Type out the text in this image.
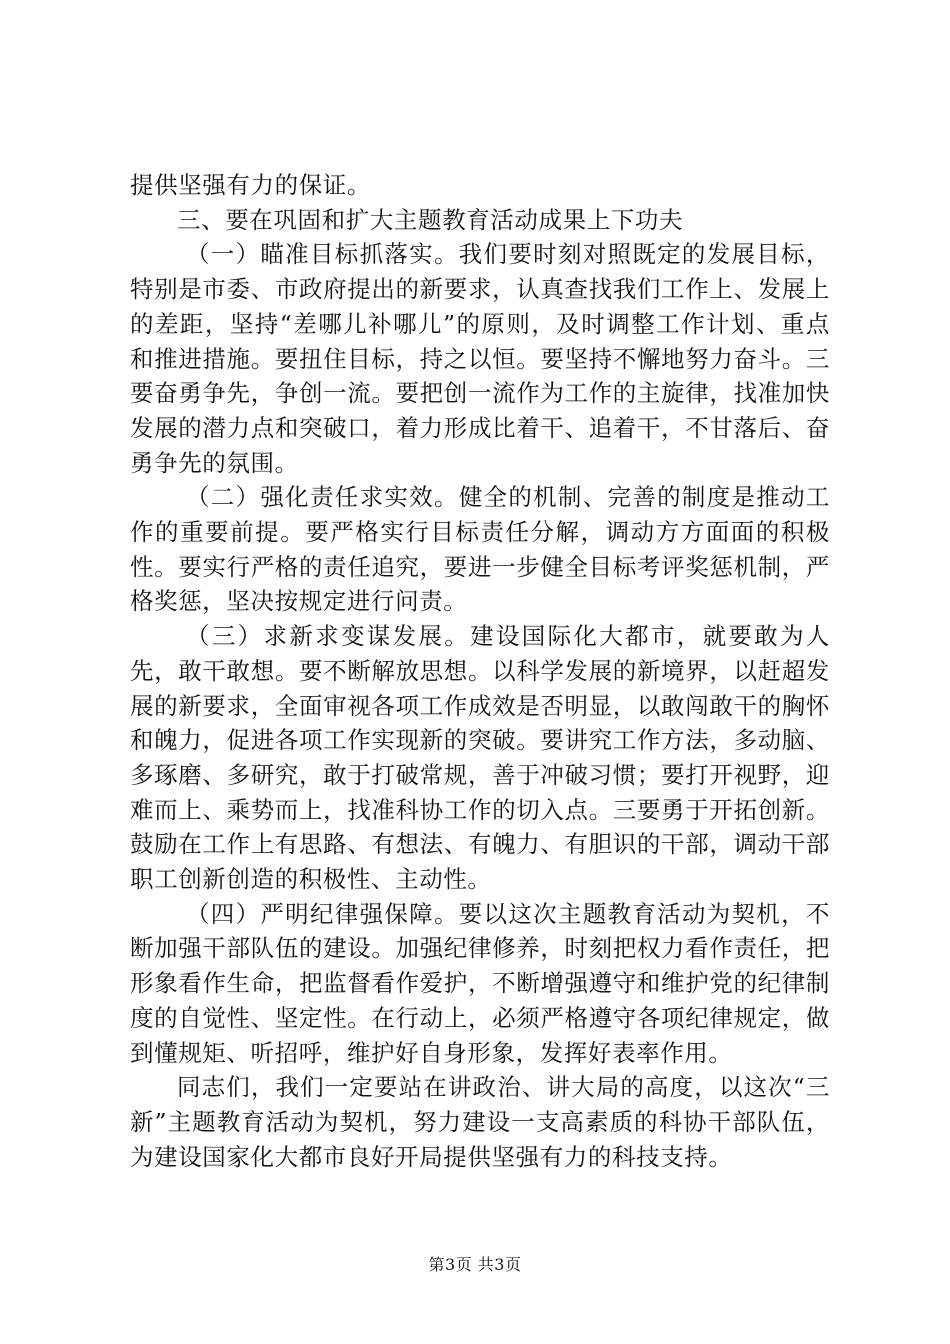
提供坚强有力的保证。

三、要在巩固和扩大主题教育活动成果上下功夫

（一）瞄准目标抓落实。我们要时刻对照既定的发展目标，特别是市委、市政府提出的新要求，认真查找我们工作上、发展上的差距，坚持“差哪儿补哪儿”的原则，及时调整工作计划、重点和推进措施。要扭住目标，持之以恒。要坚持不懈地努力奋斗。三要奋勇争先，争创一流。要把创一流作为工作的主旋律，找准加快发展的潜力点和突破口，着力形成比着干、追着干，不甘落后、奋勇争先的氛围。

（二）强化责任求实效。健全的机制、完善的制度是推动工作的重要前提。要严格实行目标责任分解，调动方方面面的积极性。要实行严格的责任追究，要进一步健全目标考评奖惩机制，严格奖惩，坚决按规定进行问责。

（三）求新求变谋发展。建设国际化大都市，就要敢为人先，敢干敢想。要不断解放思想。以科学发展的新境界，以赶超发展的新要求，全面审视各项工作成效是否明显，以敢闯敢干的胸怀和魄力，促进各项工作实现新的突破。要讲究工作方法，多动脑、多琢磨、多研究，敢于打破常规，善于冲破习惯；要打开视野，迎难而上、乘势而上，找准科协工作的切入点。三要勇于开拓创新。鼓励在工作上有思路、有想法、有魄力、有胆识的干部，调动干部职工创新创造的积极性、主动性。

（四）严明纪律强保障。要以这次主题教育活动为契机，不断加强干部队伍的建设。加强纪律修养，时刻把权力看作责任，把形象看作生命，把监督看作爱护，不断增强遵守和维护党的纪律制度的自觉性、坚定性。在行动上，必须严格遵守各项纪律规定，做到懂规矩、听招呼，维护好自身形象，发挥好表率作用。

同志们，我们一定要站在讲政治、讲大局的高度，以这次“三新”主题教育活动为契机，努力建设一支高素质的科协干部队伍，为建设国家化大都市良好开局提供坚强有力的科技支持。

第3页 共3页
